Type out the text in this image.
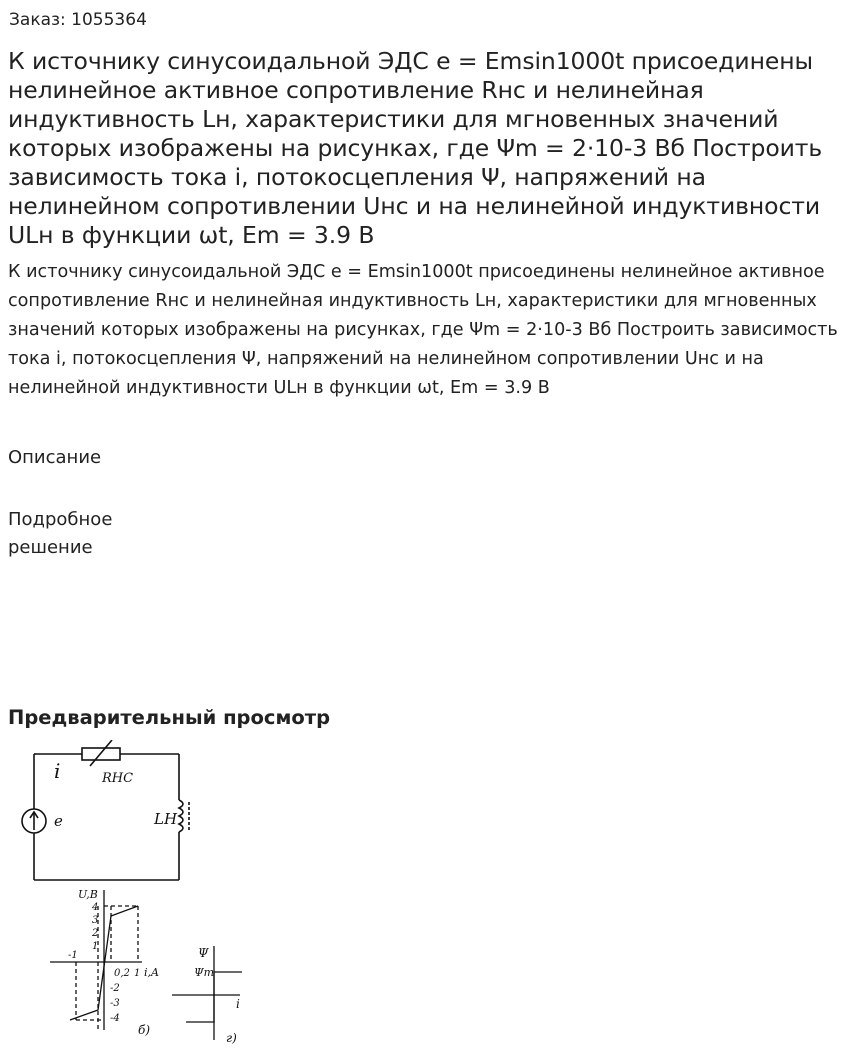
Заказ: 1055364

К источнику синусоидальной ЭДС e = Emsin1000t присоединены нелинейное активное сопротивление Rнс и нелинейная индуктивность Lн, характеристики для мгновенных значений которых изображены на рисунках, где Ψm = 2·10-3 Вб Построить зависимость тока i, потокосцепления Ψ, напряжений на нелинейном сопротивлении Uнс и на нелинейной индуктивности ULн в функции ωt, Em = 3.9 В

К источнику синусоидальной ЭДС e = Emsin1000t присоединены нелинейное активное сопротивление Rнс и нелинейная индуктивность Lн, характеристики для мгновенных значений которых изображены на рисунках, где Ψm = 2·10-3 Вб Построить зависимость тока i, потокосцепления Ψ, напряжений на нелинейном сопротивлении Uнс и на нелинейной индуктивности ULн в функции ωt, Em = 3.9 В

Описание

Подробное решение

Предварительный просмотр
i	RНС
e	LН
U,B
4
3
2
1
-1
0,2 1 i,A
-2
-3
-4
б)
Ψ
Ψm
i
г)
